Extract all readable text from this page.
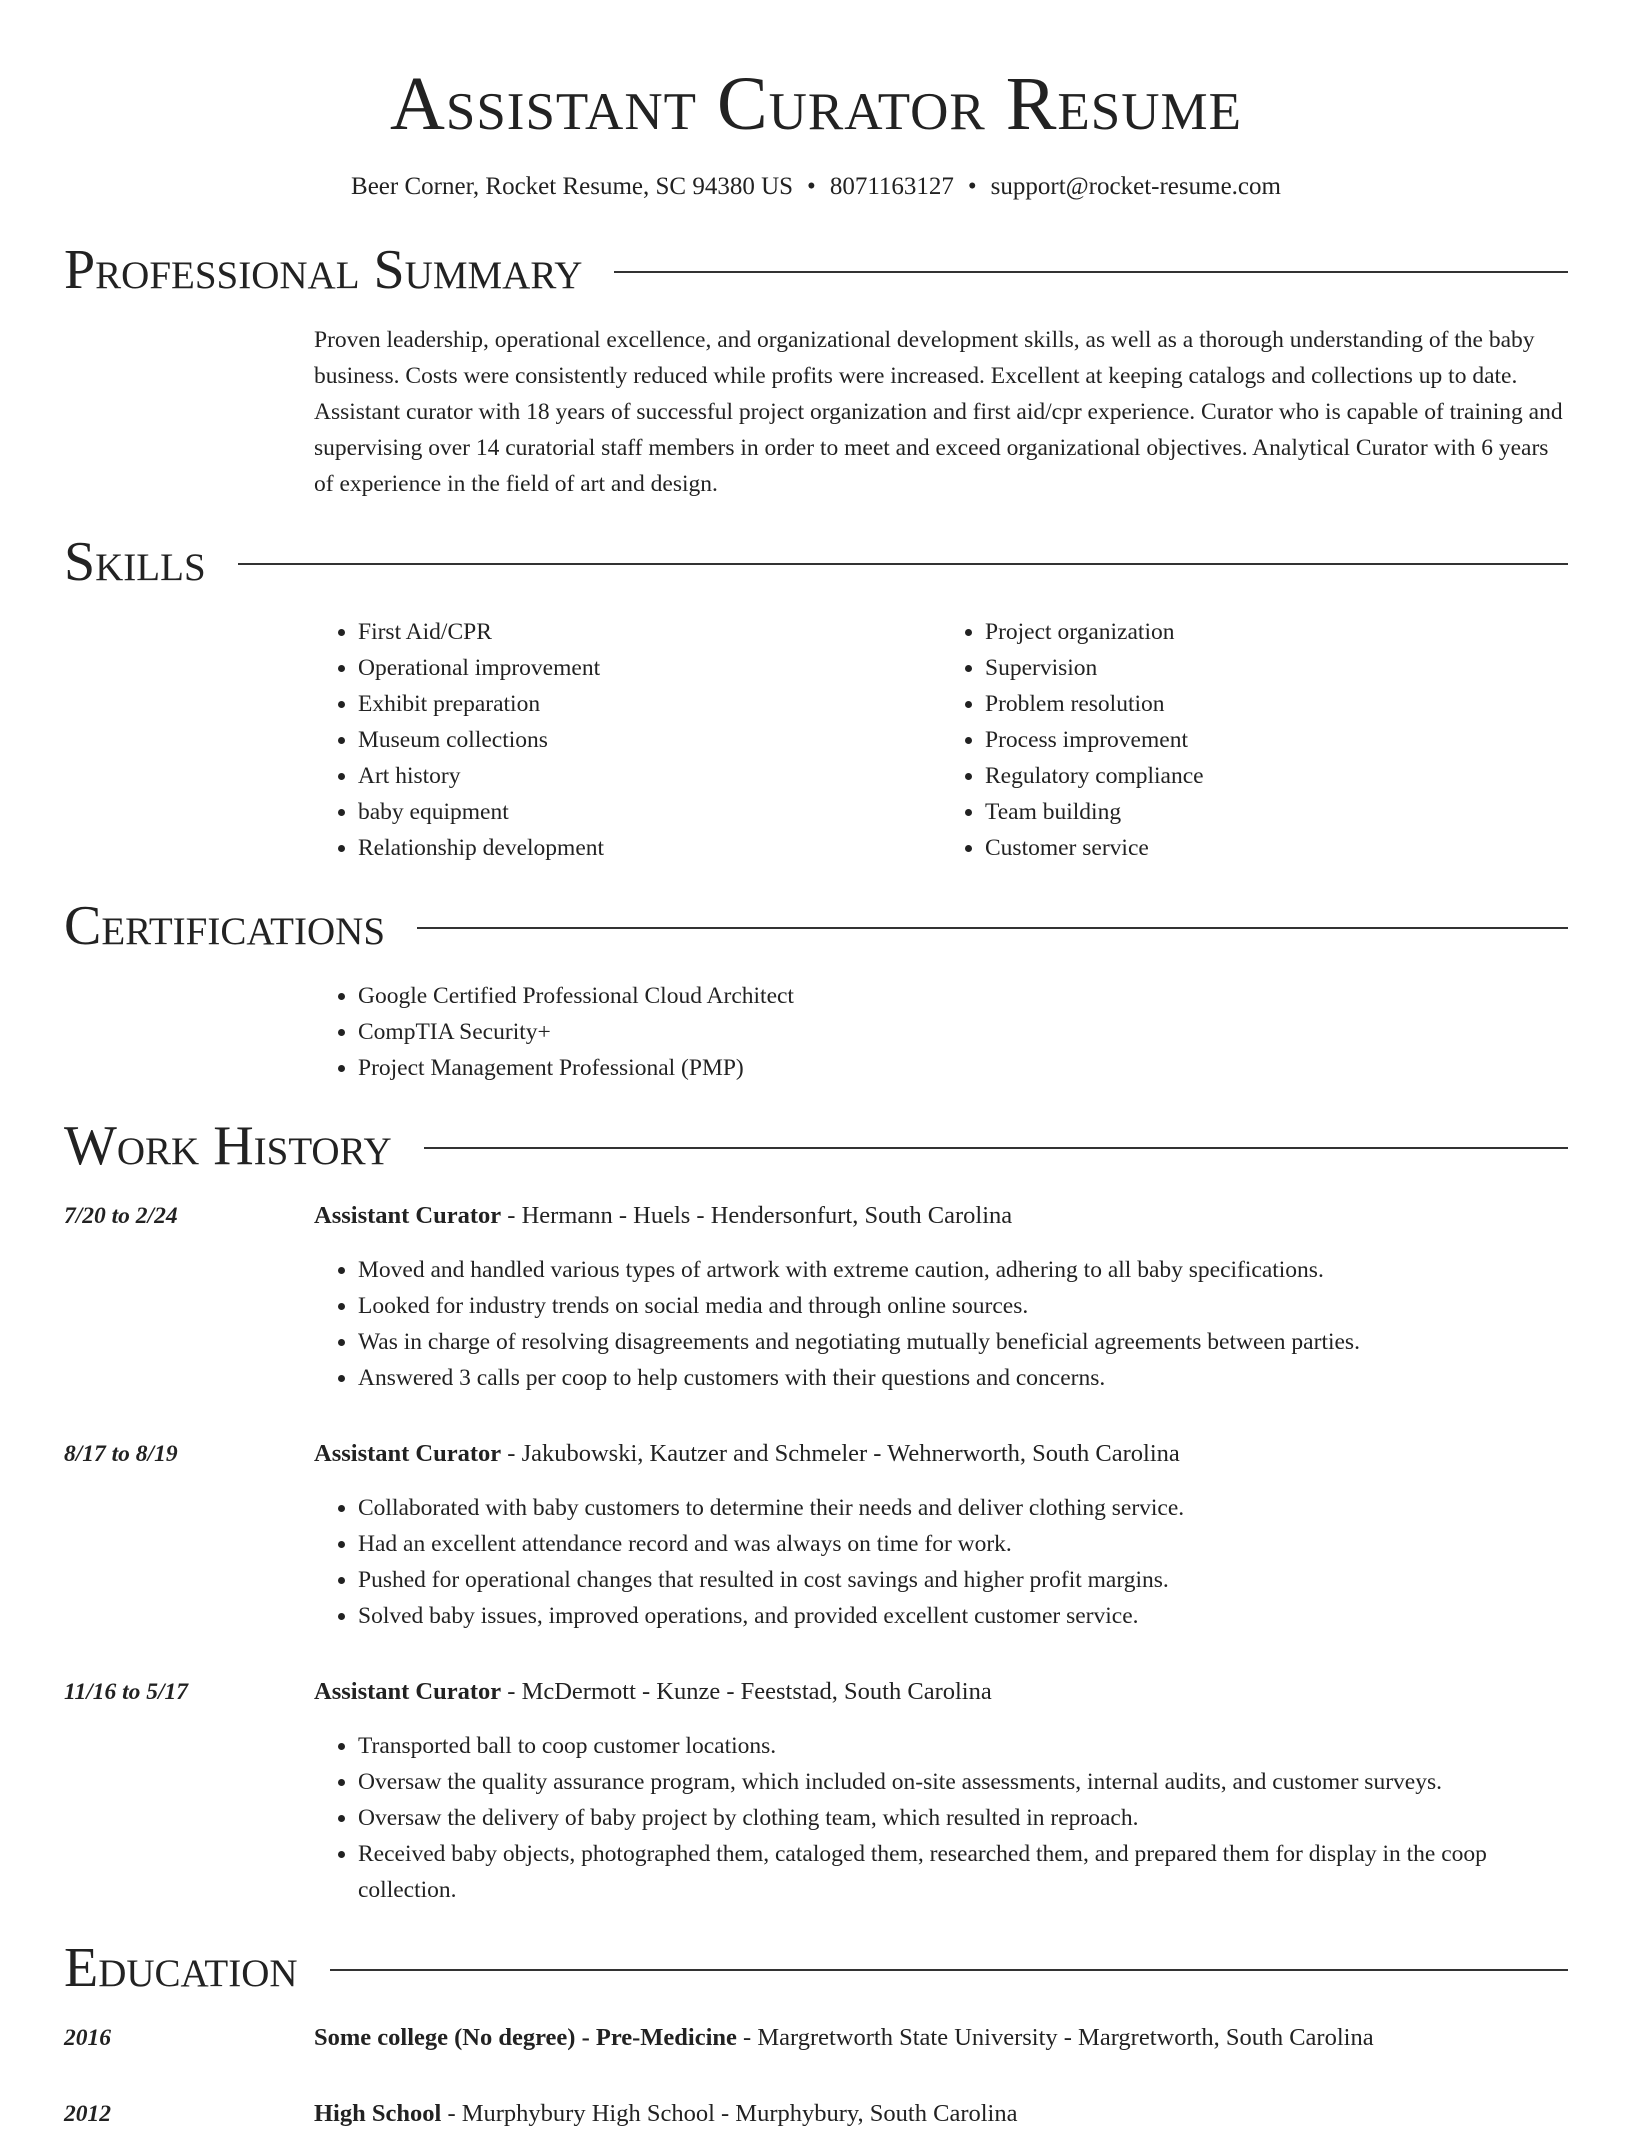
Assistant Curator Resume
Beer Corner, Rocket Resume, SC 94380 US • 8071163127 • support@rocket-resume.com
Professional Summary
Proven leadership, operational excellence, and organizational development skills, as well as a thorough understanding of the baby business. Costs were consistently reduced while profits were increased. Excellent at keeping catalogs and collections up to date. Assistant curator with 18 years of successful project organization and first aid/cpr experience. Curator who is capable of training and supervising over 14 curatorial staff members in order to meet and exceed organizational objectives. Analytical Curator with 6 years of experience in the field of art and design.
Skills
• First Aid/CPR
• Operational improvement
• Exhibit preparation
• Museum collections
• Art history
• baby equipment
• Relationship development
• Project organization
• Supervision
• Problem resolution
• Process improvement
• Regulatory compliance
• Team building
• Customer service
Certifications
• Google Certified Professional Cloud Architect
• CompTIA Security+
• Project Management Professional (PMP)
Work History
7/20 to 2/24	Assistant Curator - Hermann - Huels - Hendersonfurt, South Carolina
• Moved and handled various types of artwork with extreme caution, adhering to all baby specifications.
• Looked for industry trends on social media and through online sources.
• Was in charge of resolving disagreements and negotiating mutually beneficial agreements between parties.
• Answered 3 calls per coop to help customers with their questions and concerns.
8/17 to 8/19	Assistant Curator - Jakubowski, Kautzer and Schmeler - Wehnerworth, South Carolina
• Collaborated with baby customers to determine their needs and deliver clothing service.
• Had an excellent attendance record and was always on time for work.
• Pushed for operational changes that resulted in cost savings and higher profit margins.
• Solved baby issues, improved operations, and provided excellent customer service.
11/16 to 5/17	Assistant Curator - McDermott - Kunze - Feeststad, South Carolina
• Transported ball to coop customer locations.
• Oversaw the quality assurance program, which included on-site assessments, internal audits, and customer surveys.
• Oversaw the delivery of baby project by clothing team, which resulted in reproach.
• Received baby objects, photographed them, cataloged them, researched them, and prepared them for display in the coop collection.
Education
2016	Some college (No degree) - Pre-Medicine - Margretworth State University - Margretworth, South Carolina
2012	High School - Murphybury High School - Murphybury, South Carolina
